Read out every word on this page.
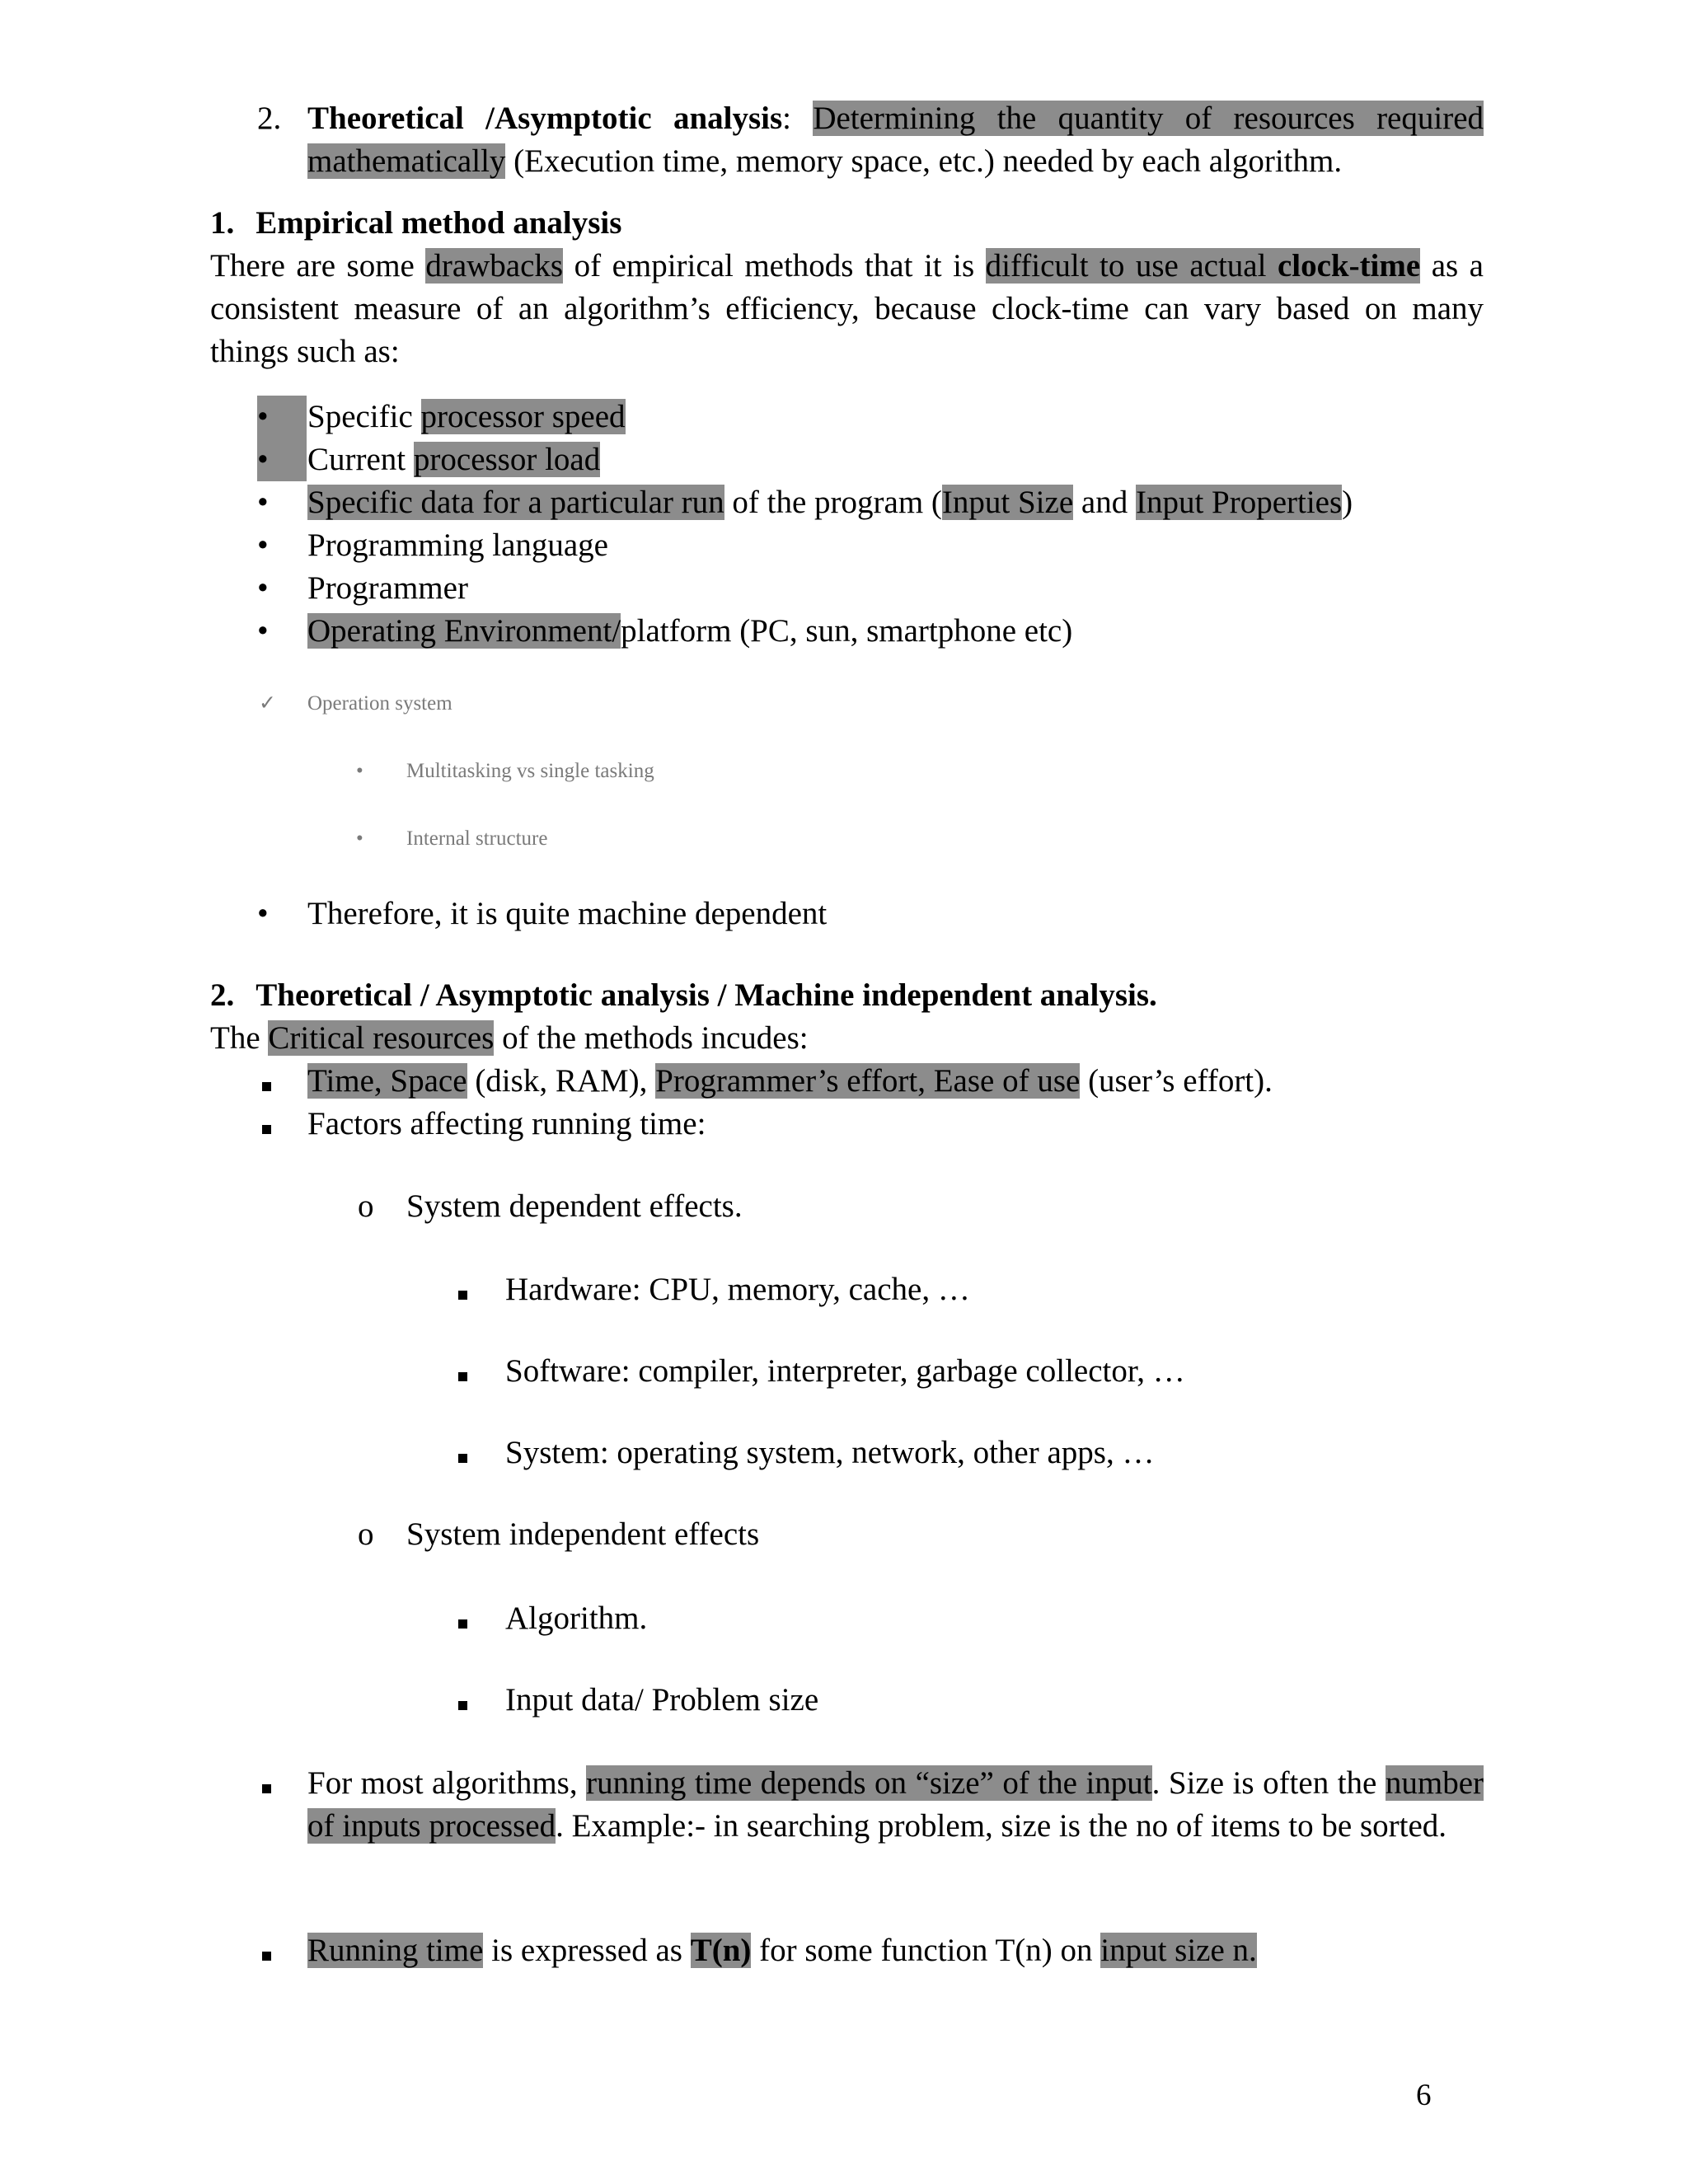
2. Theoretical /Asymptotic analysis: Determining the quantity of resources required
mathematically (Execution time, memory space, etc.) needed by each algorithm.
1. Empirical method analysis
There are some drawbacks of empirical methods that it is difficult to use actual clock-time as a consistent measure of an algorithm’s efficiency, because clock-time can vary based on many things such as:
•	Specific processor speed
•	Current processor load
• Specific data for a particular run of the program (Input Size and Input Properties)
• Programming language
• Programmer
• Operating Environment/platform (PC, sun, smartphone etc)
✓ Operation system
• Multitasking vs single tasking
• Internal structure
• Therefore, it is quite machine dependent
2. Theoretical / Asymptotic analysis / Machine independent analysis.
The Critical resources of the methods incudes:
Time, Space (disk, RAM), Programmer’s effort, Ease of use (user’s effort).
Factors affecting running time:
o System dependent effects.
Hardware: CPU, memory, cache, …
Software: compiler, interpreter, garbage collector, …
System: operating system, network, other apps, …
o System independent effects
Algorithm.
Input data/ Problem size
For most algorithms, running time depends on “size” of the input. Size is often the number of inputs processed. Example:- in searching problem, size is the no of items to be sorted.
Running time is expressed as T(n) for some function T(n) on input size n.
6
